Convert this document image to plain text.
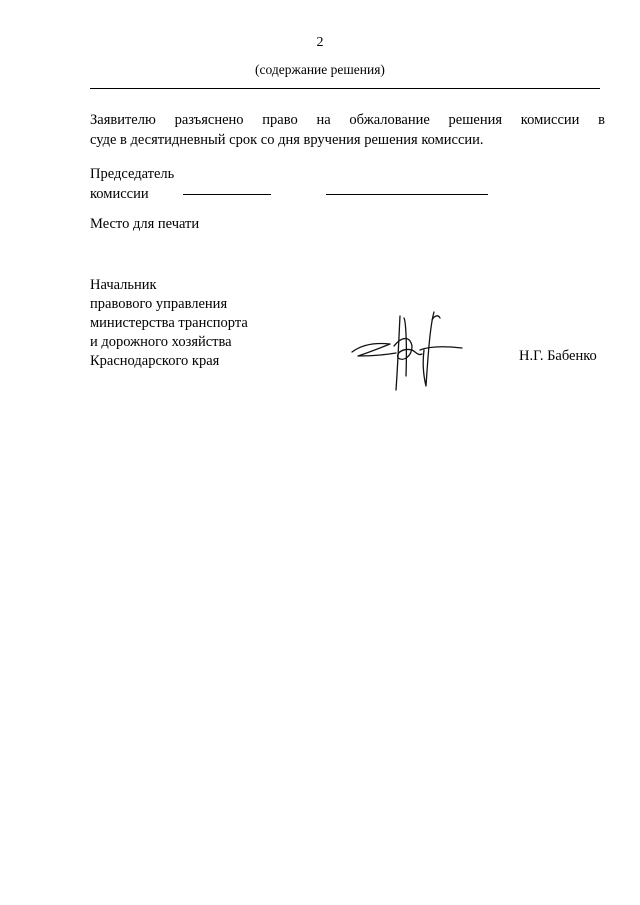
2
(содержание решения)
Заявителю разъяснено право на обжалование решения комиссии в
суде в десятидневный срок со дня вручения решения комиссии.
Председатель
комиссии
Место для печати
Начальник
правового управления
министерства транспорта
и дорожного хозяйства
Краснодарского края	Н.Г. Бабенко
